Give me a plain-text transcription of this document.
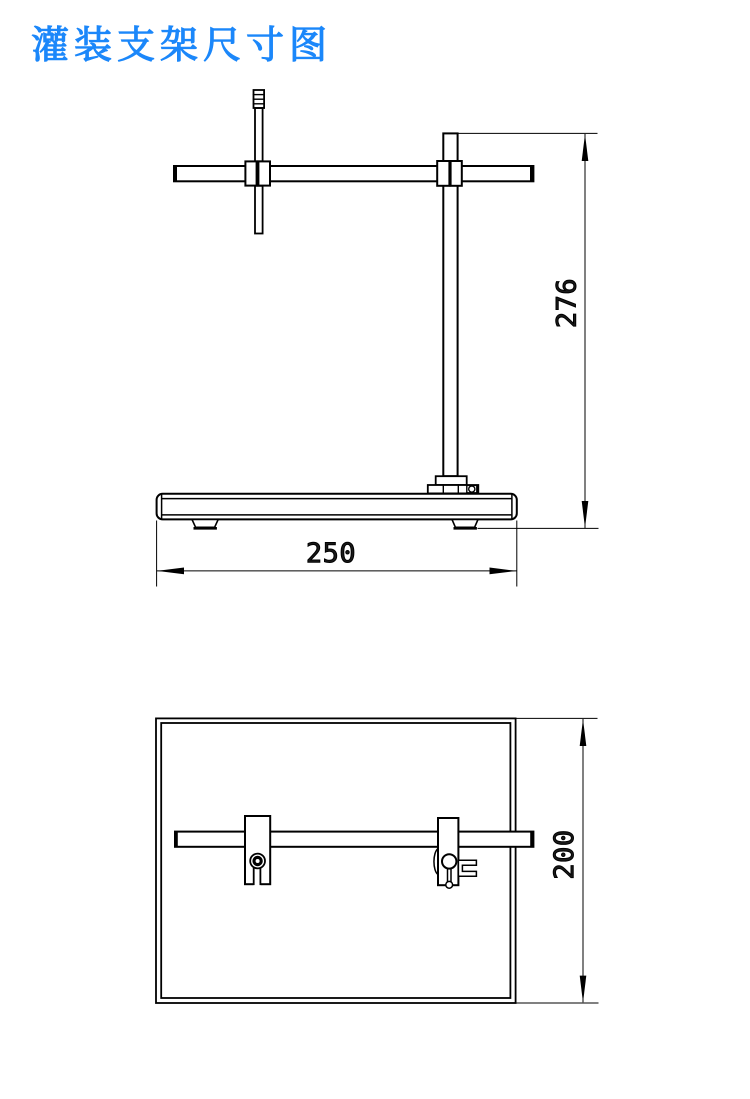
灌装支架尺寸图
276
250
200
